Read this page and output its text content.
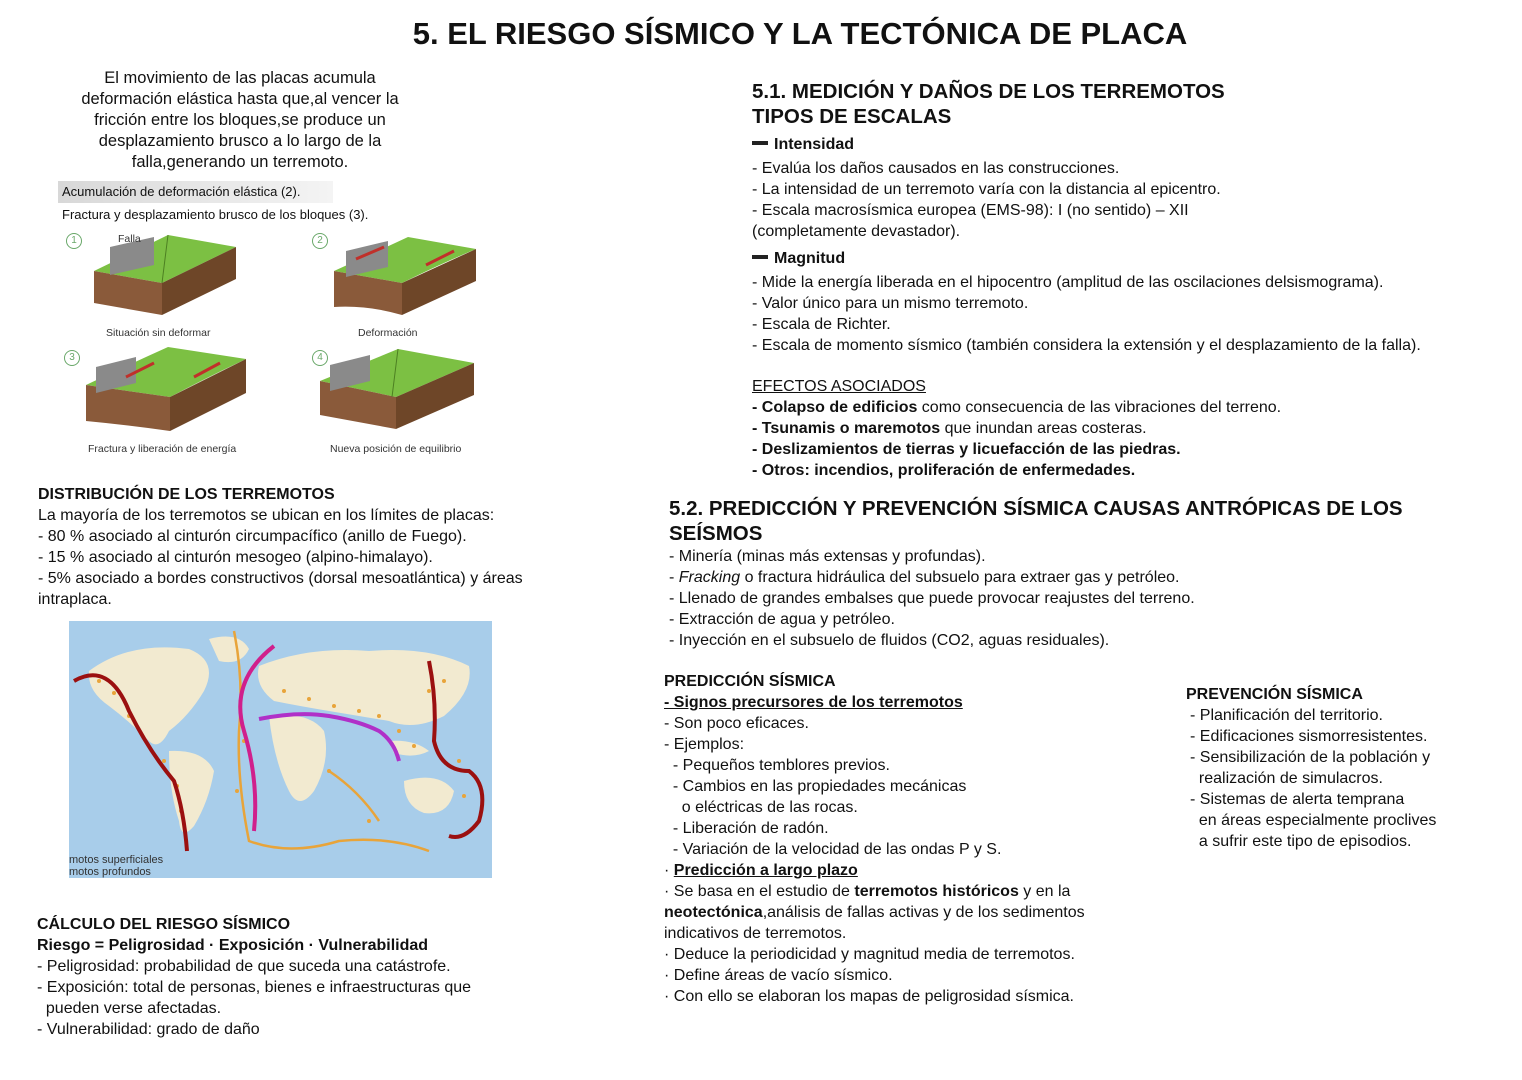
5. EL RIESGO SÍSMICO Y LA TECTÓNICA DE PLACA
El movimiento de las placas acumula
deformación elástica hasta que,al vencer la
fricción entre los bloques,se produce un
desplazamiento brusco a lo largo de la
falla,generando un terremoto.
Acumulación de deformación elástica (2).
Fractura y desplazamiento brusco de los bloques (3).
1	2
3	4
Falla
Situación sin deformar	Deformación
Fractura y liberación de energía	Nueva posición de equilibrio
DISTRIBUCIÓN DE LOS TERREMOTOS
La mayoría de los terremotos se ubican en los límites de placas:
- 80 % asociado al cinturón circumpacífico (anillo de Fuego).
- 15 % asociado al cinturón mesogeo (alpino-himalayo).
- 5% asociado a bordes constructivos (dorsal mesoatlántica) y áreas
intraplaca.
motos superficiales
motos profundos
CÁLCULO DEL RIESGO SÍSMICO
Riesgo = Peligrosidad · Exposición · Vulnerabilidad
- Peligrosidad: probabilidad de que suceda una catástrofe.
- Exposición: total de personas, bienes e infraestructuras que
pueden verse afectadas.
- Vulnerabilidad: grado de daño
5.1. MEDICIÓN Y DAÑOS DE LOS TERREMOTOS
TIPOS DE ESCALAS
Intensidad
- Evalúa los daños causados en las construcciones.
- La intensidad de un terremoto varía con la distancia al epicentro.
- Escala macrosísmica europea (EMS-98): I (no sentido) – XII
(completamente devastador).
Magnitud
- Mide la energía liberada en el hipocentro (amplitud de las oscilaciones delsismograma).
- Valor único para un mismo terremoto.
- Escala de Richter.
- Escala de momento sísmico (también considera la extensión y el desplazamiento de la falla).
EFECTOS ASOCIADOS
- Colapso de edificios como consecuencia de las vibraciones del terreno.
- Tsunamis o maremotos que inundan areas costeras.
- Deslizamientos de tierras y licuefacción de las piedras.
- Otros: incendios, proliferación de enfermedades.
5.2. PREDICCIÓN Y PREVENCIÓN SÍSMICA CAUSAS ANTRÓPICAS DE LOS
SEÍSMOS
- Minería (minas más extensas y profundas).
- Fracking o fractura hidráulica del subsuelo para extraer gas y petróleo.
- Llenado de grandes embalses que puede provocar reajustes del terreno.
- Extracción de agua y petróleo.
- Inyección en el subsuelo de fluidos (CO2, aguas residuales).
PREDICCIÓN SÍSMICA
- Signos precursores de los terremotos
- Son poco eficaces.
- Ejemplos:
- Pequeños temblores previos.
- Cambios en las propiedades mecánicas
o eléctricas de las rocas.
- Liberación de radón.
- Variación de la velocidad de las ondas P y S.
· Predicción a largo plazo
· Se basa en el estudio de terremotos históricos y en la
neotectónica,análisis de fallas activas y de los sedimentos
indicativos de terremotos.
· Deduce la periodicidad y magnitud media de terremotos.
· Define áreas de vacío sísmico.
· Con ello se elaboran los mapas de peligrosidad sísmica.
PREVENCIÓN SÍSMICA
- Planificación del territorio.
- Edificaciones sismorresistentes.
- Sensibilización de la población y
realización de simulacros.
- Sistemas de alerta temprana
en áreas especialmente proclives
a sufrir este tipo de episodios.
